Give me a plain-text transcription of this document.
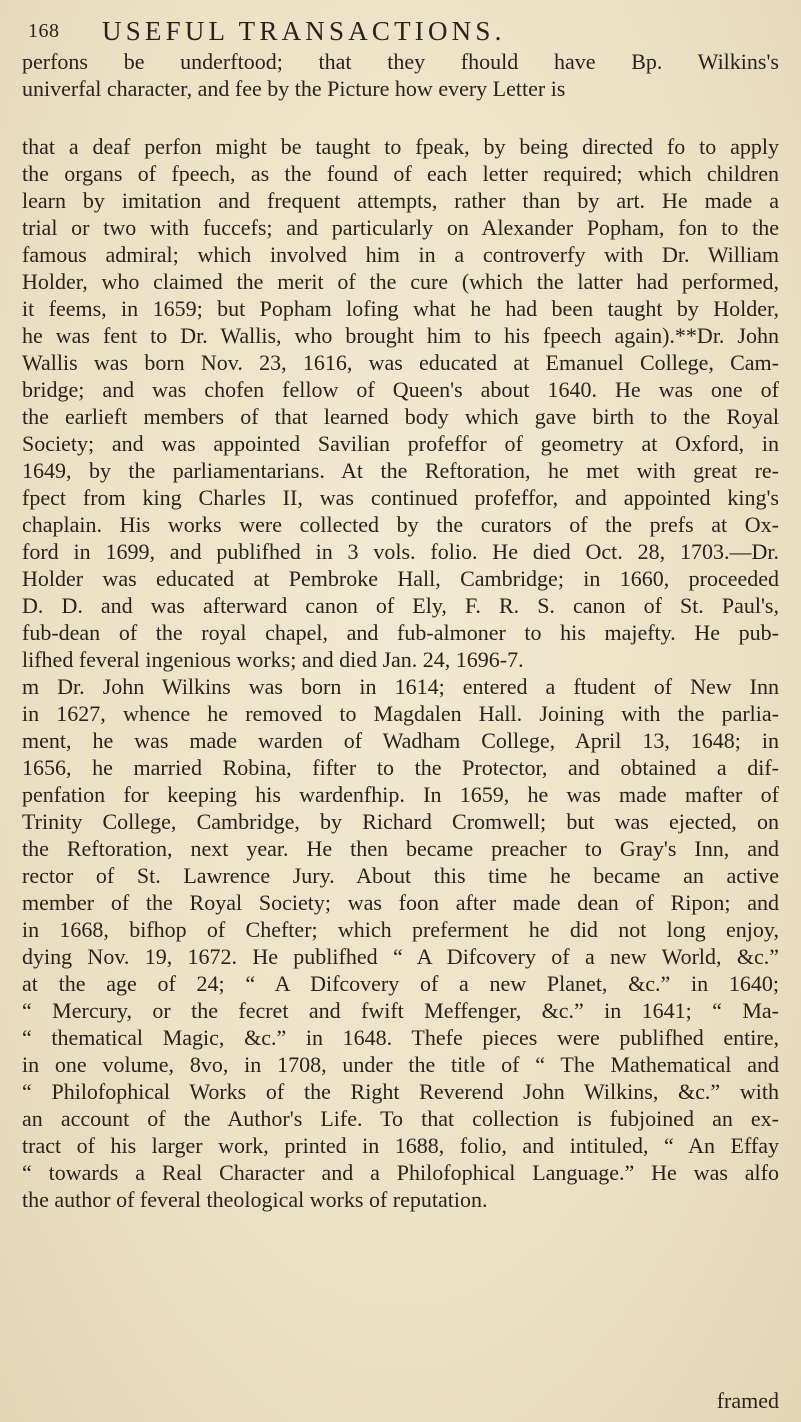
168 USEFUL TRANSACTIONS.
perfons be underftood; that they fhould have Bp. Wilkins's
univerfal character, and fee by the Picture how every Letter is
that a deaf perfon might be taught to fpeak, by being directed fo to apply
the organs of fpeech, as the found of each letter required; which children
learn by imitation and frequent attempts, rather than by art. He made a
trial or two with fuccefs; and particularly on Alexander Popham, fon to the
famous admiral; which involved him in a controverfy with Dr. William
Holder, who claimed the merit of the cure (which the latter had performed,
it feems, in 1659; but Popham lofing what he had been taught by Holder,
he was fent to Dr. Wallis, who brought him to his fpeech again).**Dr. John
Wallis was born Nov. 23, 1616, was educated at Emanuel College, Cam-
bridge; and was chofen fellow of Queen's about 1640. He was one of
the earlieft members of that learned body which gave birth to the Royal
Society; and was appointed Savilian profeffor of geometry at Oxford, in
1649, by the parliamentarians. At the Reftoration, he met with great re-
fpect from king Charles II, was continued profeffor, and appointed king's
chaplain. His works were collected by the curators of the prefs at Ox-
ford in 1699, and publifhed in 3 vols. folio. He died Oct. 28, 1703.—Dr.
Holder was educated at Pembroke Hall, Cambridge; in 1660, proceeded
D. D. and was afterward canon of Ely, F. R. S. canon of St. Paul's,
fub-dean of the royal chapel, and fub-almoner to his majefty. He pub-
lifhed feveral ingenious works; and died Jan. 24, 1696-7.
m Dr. John Wilkins was born in 1614; entered a ftudent of New Inn
in 1627, whence he removed to Magdalen Hall. Joining with the parlia-
ment, he was made warden of Wadham College, April 13, 1648; in
1656, he married Robina, fifter to the Protector, and obtained a dif-
penfation for keeping his wardenfhip. In 1659, he was made mafter of
Trinity College, Cambridge, by Richard Cromwell; but was ejected, on
the Reftoration, next year. He then became preacher to Gray's Inn, and
rector of St. Lawrence Jury. About this time he became an active
member of the Royal Society; was foon after made dean of Ripon; and
in 1668, bifhop of Chefter; which preferment he did not long enjoy,
dying Nov. 19, 1672. He publifhed “ A Difcovery of a new World, &c.”
at the age of 24; “ A Difcovery of a new Planet, &c.” in 1640;
“ Mercury, or the fecret and fwift Meffenger, &c.” in 1641; “ Ma-
“ thematical Magic, &c.” in 1648. Thefe pieces were publifhed entire,
in one volume, 8vo, in 1708, under the title of “ The Mathematical and
“ Philofophical Works of the Right Reverend John Wilkins, &c.” with
an account of the Author's Life. To that collection is fubjoined an ex-
tract of his larger work, printed in 1688, folio, and intituled, “ An Effay
“ towards a Real Character and a Philofophical Language.” He was alfo
the author of feveral theological works of reputation.
framed
